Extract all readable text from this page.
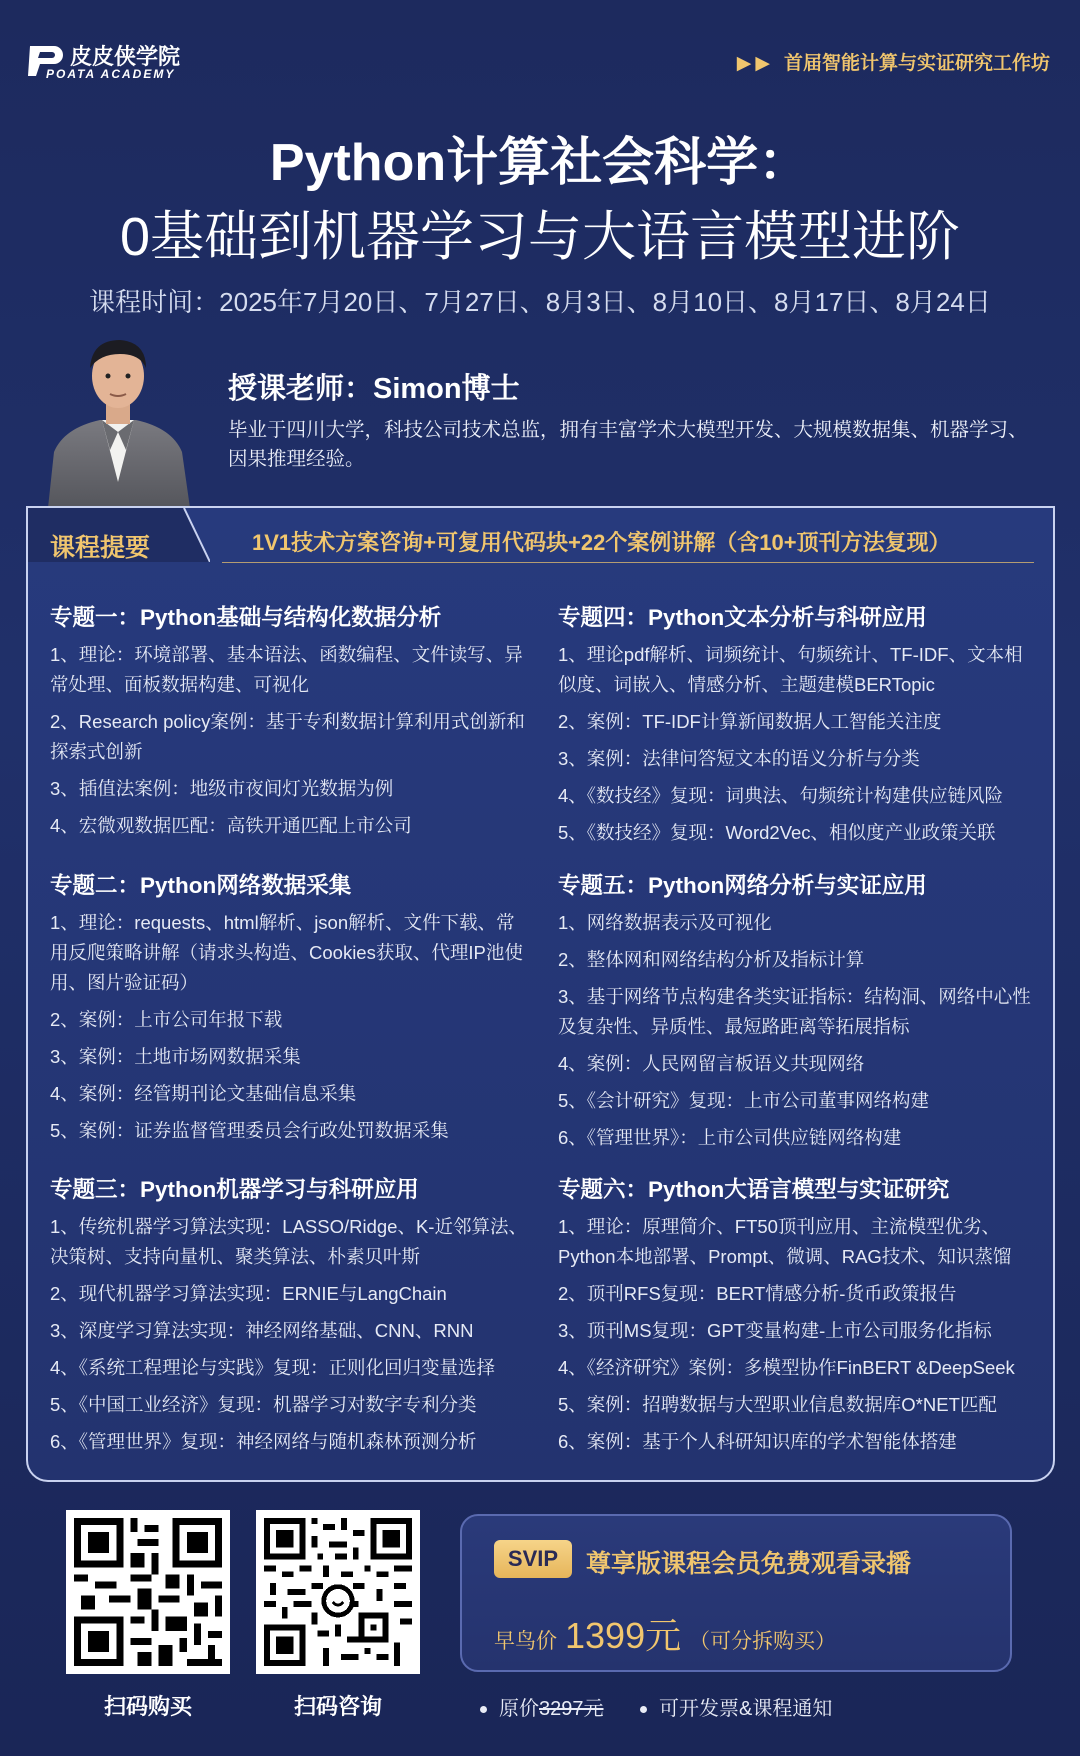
皮皮侠学院
POATA ACADEMY	▶▶ 首届智能计算与实证研究工作坊
Python计算社会科学：
0基础到机器学习与大语言模型进阶
课程时间：2025年7月20日、7月27日、8月3日、8月10日、8月17日、8月24日
授课老师：Simon博士
毕业于四川大学，科技公司技术总监，拥有丰富学术大模型开发、大规模数据集、机器学习、因果推理经验。
课程提要	1V1技术方案咨询+可复用代码块+22个案例讲解（含10+顶刊方法复现）
专题一：Python基础与结构化数据分析

1、理论：环境部署、基本语法、函数编程、文件读写、异常处理、面板数据构建、可视化

2、Research policy案例：基于专利数据计算利用式创新和探索式创新

3、插值法案例：地级市夜间灯光数据为例

4、宏微观数据匹配：高铁开通匹配上市公司

专题二：Python网络数据采集

1、理论：requests、html解析、json解析、文件下载、常用反爬策略讲解（请求头构造、Cookies获取、代理IP池使用、图片验证码）

2、案例：上市公司年报下载

3、案例：土地市场网数据采集

4、案例：经管期刊论文基础信息采集

5、案例：证券监督管理委员会行政处罚数据采集

专题三：Python机器学习与科研应用

1、传统机器学习算法实现：LASSO/Ridge、K-近邻算法、决策树、支持向量机、聚类算法、朴素贝叶斯

2、现代机器学习算法实现：ERNIE与LangChain

3、深度学习算法实现：神经网络基础、CNN、RNN

4、《系统工程理论与实践》复现：正则化回归变量选择

5、《中国工业经济》复现：机器学习对数字专利分类

6、《管理世界》复现：神经网络与随机森林预测分析

专题四：Python文本分析与科研应用

1、理论pdf解析、词频统计、句频统计、TF-IDF、文本相似度、词嵌入、情感分析、主题建模BERTopic

2、案例：TF-IDF计算新闻数据人工智能关注度

3、案例：法律问答短文本的语义分析与分类

4、《数技经》复现：词典法、句频统计构建供应链风险

5、《数技经》复现：Word2Vec、相似度产业政策关联

专题五：Python网络分析与实证应用

1、网络数据表示及可视化

2、整体网和网络结构分析及指标计算

3、基于网络节点构建各类实证指标：结构洞、网络中心性及复杂性、异质性、最短路距离等拓展指标

4、案例：人民网留言板语义共现网络

5、《会计研究》复现：上市公司董事网络构建

6、《管理世界》：上市公司供应链网络构建

专题六：Python大语言模型与实证研究

1、理论：原理简介、FT50顶刊应用、主流模型优劣、Python本地部署、Prompt、微调、RAG技术、知识蒸馏

2、顶刊RFS复现：BERT情感分析-货币政策报告

3、顶刊MS复现：GPT变量构建-上市公司服务化指标

4、《经济研究》案例：多模型协作FinBERT &DeepSeek

5、案例：招聘数据与大型职业信息数据库O*NET匹配

6、案例：基于个人科研知识库的学术智能体搭建

扫码购买	扫码咨询
SVIP	尊享版课程会员免费观看录播
早鸟价 1399元 （可分拆购买）
原价3297元	可开发票&课程通知
